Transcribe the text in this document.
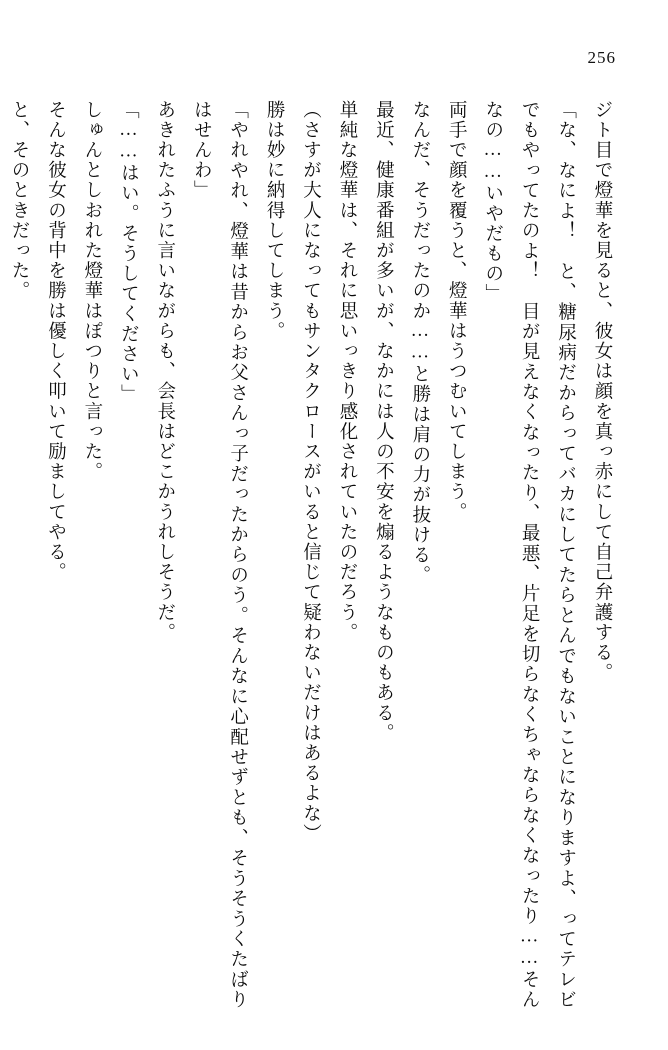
256

ジト目で燈華を見ると、彼女は顔を真っ赤にして自己弁護する。

「な、なによ！　と、糖尿病だからってバカにしてたらとんでもないことになりますよ、ってテレビでもやってたのよ！　目が見えなくなったり、最悪、片足を切らなくちゃならなくなったり……そんなの……いやだもの」

両手で顔を覆うと、燈華はうつむいてしまう。

なんだ、そうだったのか……と勝は肩の力が抜ける。

最近、健康番組が多いが、なかには人の不安を煽るようなものもある。

単純な燈華は、それに思いっきり感化されていたのだろう。

（さすが大人になってもサンタクロースがいると信じて疑わないだけはあるよな）

勝は妙に納得してしまう。

「やれやれ、燈華は昔からお父さんっ子だったからのう。そんなに心配せずとも、そうそうくたばりはせんわ」

あきれたふうに言いながらも、会長はどこかうれしそうだ。

「……はい。そうしてください」

しゅんとしおれた燈華はぽつりと言った。

そんな彼女の背中を勝は優しく叩いて励ましてやる。

と、そのときだった。
